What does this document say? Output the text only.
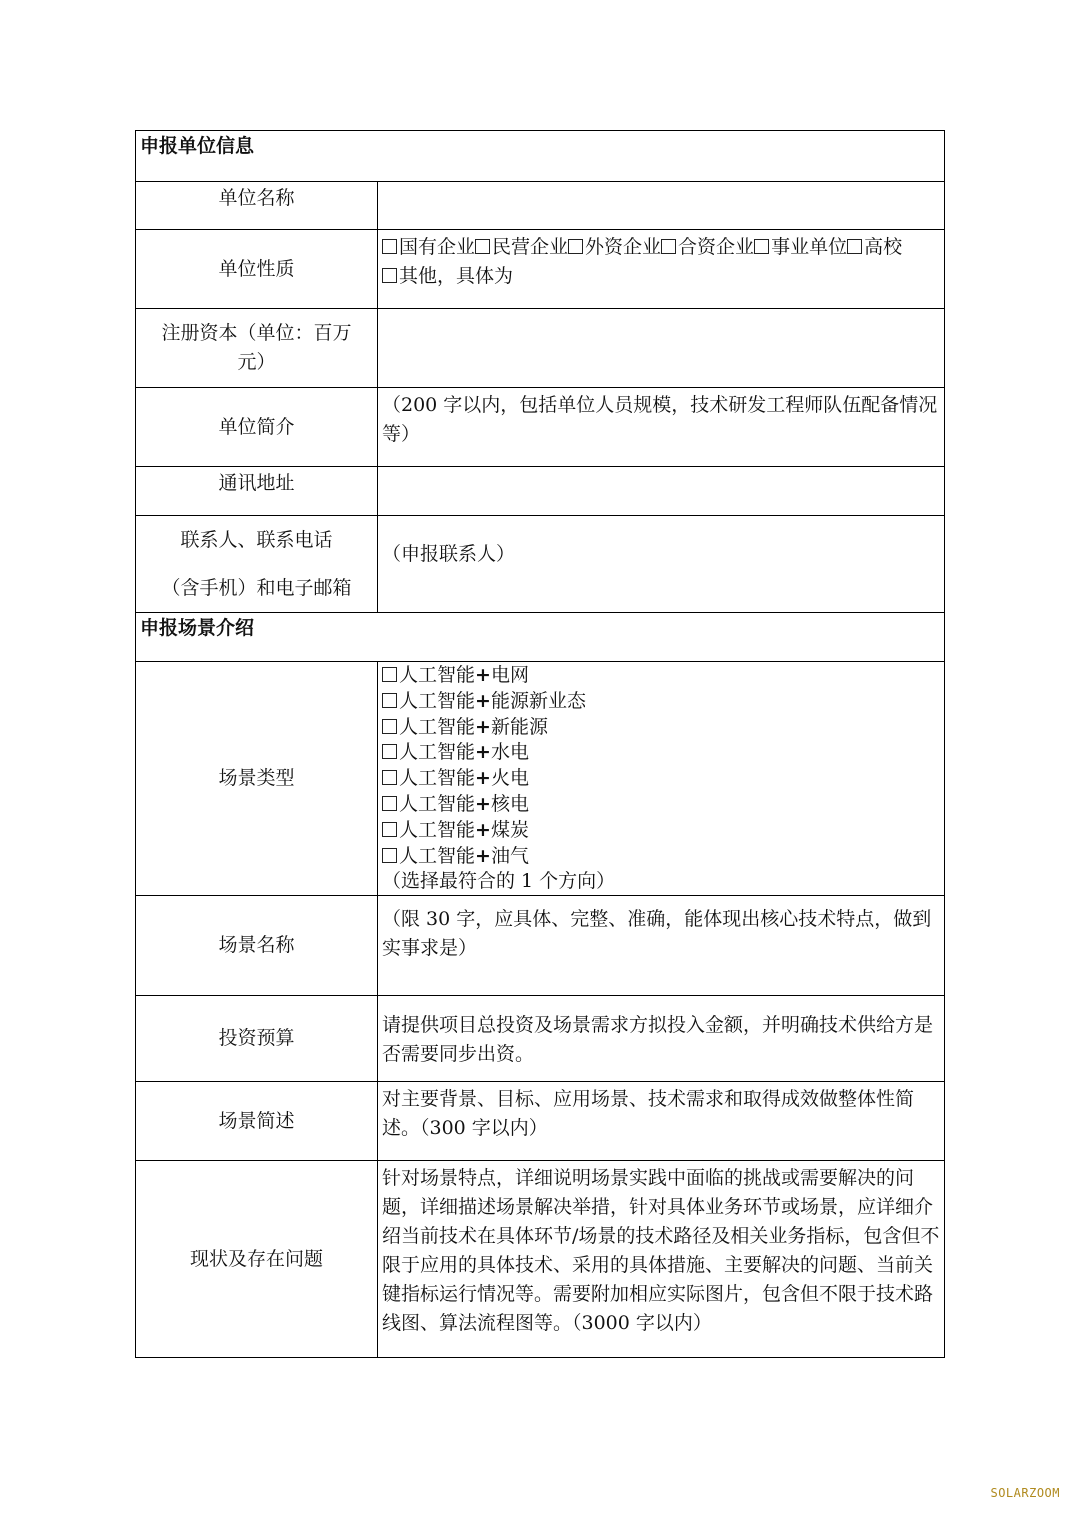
申报单位信息
单位名称
单位性质
国有企业 民营企业 外资企业 合资企业 事业单位 高校
其他，具体为
注册资本（单位：百万元）
单位简介
（200 字以内，包括单位人员规模，技术研发工程师队伍配备情况等）
通讯地址
联系人、联系电话
（含手机）和电子邮箱
（申报联系人）
申报场景介绍
场景类型
人工智能+电网
人工智能+能源新业态
人工智能+新能源
人工智能+水电
人工智能+火电
人工智能+核电
人工智能+煤炭
人工智能+油气
（选择最符合的 1 个方向）
场景名称
（限 30 字，应具体、完整、准确，能体现出核心技术特点，做到实事求是）
投资预算
请提供项目总投资及场景需求方拟投入金额，并明确技术供给方是否需要同步出资。
场景简述
对主要背景、目标、应用场景、技术需求和取得成效做整体性简述。（300 字以内）
现状及存在问题
针对场景特点，详细说明场景实践中面临的挑战或需要解决的问题，详细描述场景解决举措，针对具体业务环节或场景，应详细介绍当前技术在具体环节/场景的技术路径及相关业务指标，包含但不限于应用的具体技术、采用的具体措施、主要解决的问题、当前关键指标运行情况等。需要附加相应实际图片，包含但不限于技术路线图、算法流程图等。（3000 字以内）
SOLARZOOM
